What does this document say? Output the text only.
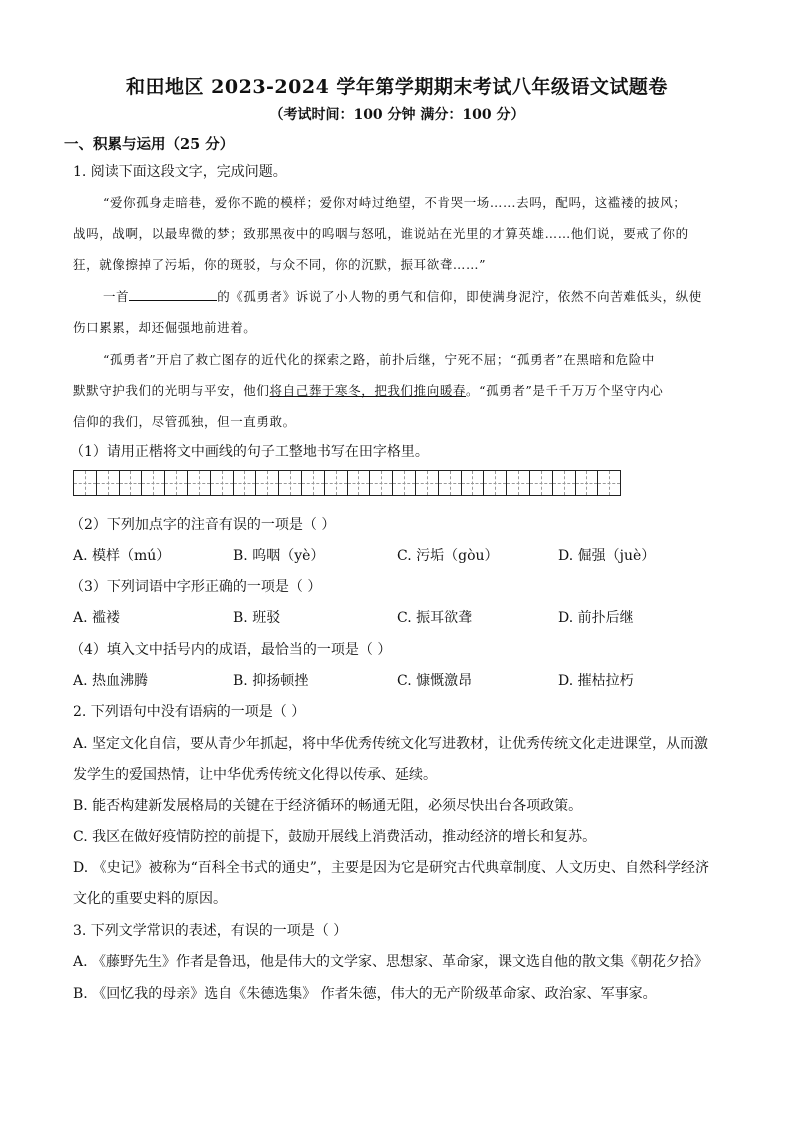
和田地区 2023-2024 学年第学期期末考试八年级语文试题卷
（考试时间：100 分钟 满分：100 分）
一、积累与运用（25 分）
1. 阅读下面这段文字，完成问题。
“爱你孤身走暗巷，爱你不跪的模样；爱你对峙过绝望，不肯哭一场……去吗，配吗，这褴褛的披风；
战吗，战啊，以最卑微的梦；致那黑夜中的呜咽与怒吼，谁说站在光里的才算英雄……他们说，要戒了你的
狂，就像擦掉了污垢，你的斑驳，与众不同，你的沉默，振耳欲聋……”
一首	的《孤勇者》诉说了小人物的勇气和信仰，即使满身泥泞，依然不向苦难低头，纵使
伤口累累，却还倔强地前进着。
“孤勇者”开启了救亡图存的近代化的探索之路，前扑后继，宁死不屈；“孤勇者”在黑暗和危险中
默默守护我们的光明与平安，他们将自己葬于寒冬，把我们推向暖春。“孤勇者”是千千万万个坚守内心
信仰的我们，尽管孤独，但一直勇敢。
（1）请用正楷将文中画线的句子工整地书写在田字格里。
（2）下列加点字的注音有误的一项是（ ）
A. 模样（mú）	B. 呜咽（yè）	C. 污垢（gòu）	D. 倔强（juè）
（3）下列词语中字形正确的一项是（ ）
A. 褴褛	B. 班驳	C. 振耳欲聋	D. 前扑后继
（4）填入文中括号内的成语，最恰当的一项是（ ）
A. 热血沸腾	B. 抑扬顿挫	C. 慷慨激昂	D. 摧枯拉朽
2. 下列语句中没有语病的一项是（ ）
A. 坚定文化自信，要从青少年抓起，将中华优秀传统文化写进教材，让优秀传统文化走进课堂，从而激
发学生的爱国热情，让中华优秀传统文化得以传承、延续。
B. 能否构建新发展格局的关键在于经济循环的畅通无阻，必须尽快出台各项政策。
C. 我区在做好疫情防控的前提下，鼓励开展线上消费活动，推动经济的增长和复苏。
D. 《史记》被称为“百科全书式的通史”，主要是因为它是研究古代典章制度、人文历史、自然科学经济
文化的重要史料的原因。
3. 下列文学常识的表述，有误的一项是（ ）
A. 《藤野先生》作者是鲁迅，他是伟大的文学家、思想家、革命家，课文选自他的散文集《朝花夕拾》
B. 《回忆我的母亲》选自《朱德选集》 作者朱德，伟大的无产阶级革命家、政治家、军事家。
